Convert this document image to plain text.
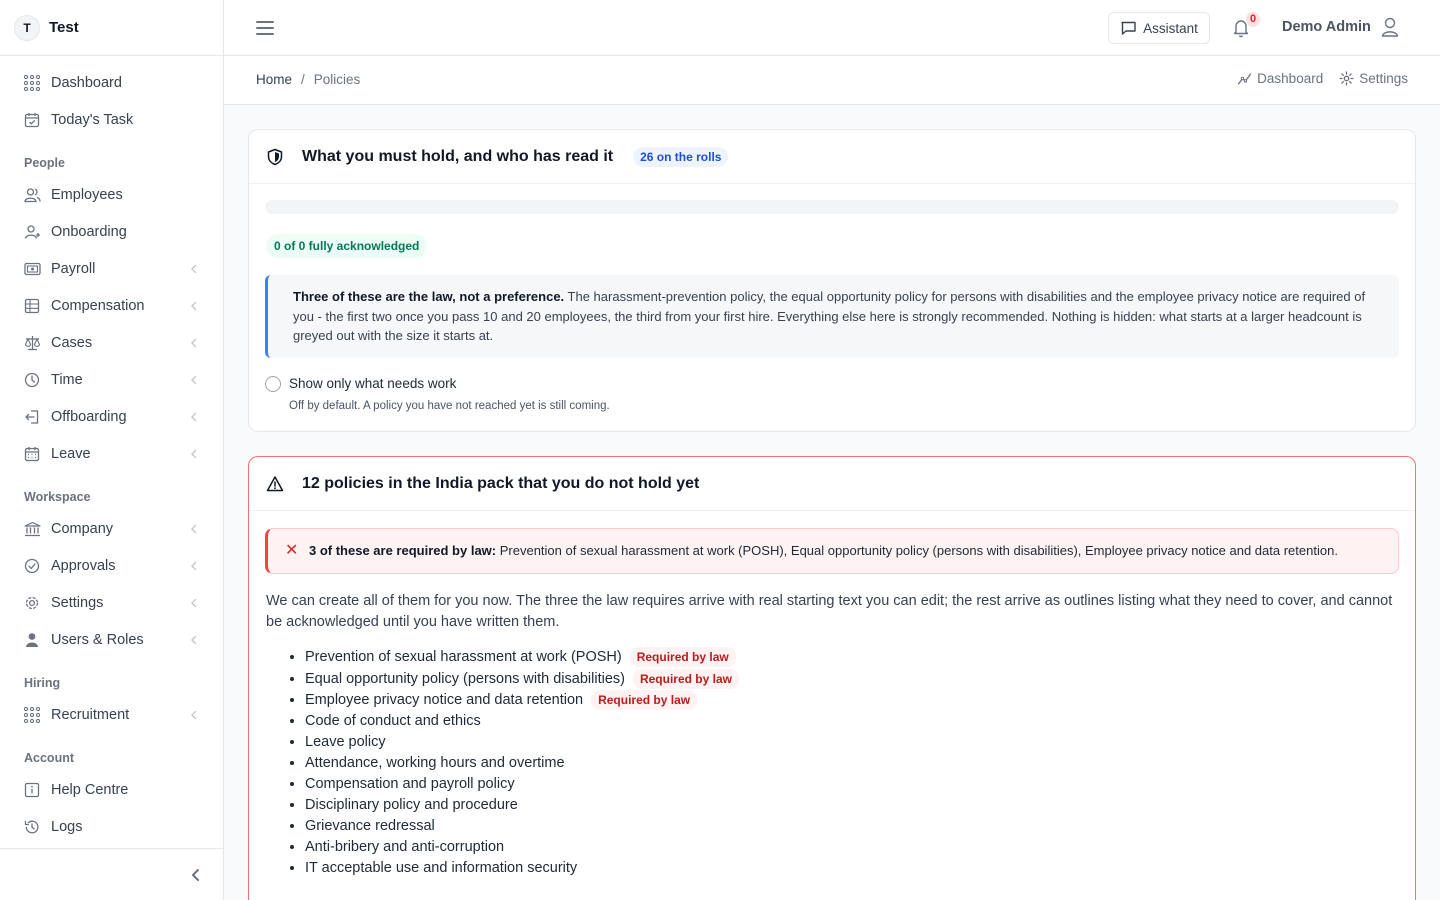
T	Test
Dashboard
Today's Task
People
Employees
Onboarding
Payroll
Compensation
Cases
Time
Offboarding
Leave
Workspace
Company
Approvals
Settings
Users & Roles
Hiring
Recruitment
Account
Help Centre
Logs
Assistant
0 Demo Admin
Home / Policies	Dashboard	Settings
What you must hold, and who has read it	26 on the rolls
0 of 0 fully acknowledged
Three of these are the law, not a preference. The harassment-prevention policy, the equal opportunity policy for persons with disabilities and the employee privacy notice are required of you - the first two once you pass 10 and 20 employees, the third from your first hire. Everything else here is strongly recommended. Nothing is hidden: what starts at a larger headcount is greyed out with the size it starts at.
Show only what needs work
Off by default. A policy you have not reached yet is still coming.
12 policies in the India pack that you do not hold yet
✕ 3 of these are required by law: Prevention of sexual harassment at work (POSH), Equal opportunity policy (persons with disabilities), Employee privacy notice and data retention.

We can create all of them for you now. The three the law requires arrive with real starting text you can edit; the rest arrive as outlines listing what they need to cover, and cannot be acknowledged until you have written them.

• Prevention of sexual harassment at work (POSH) Required by law
• Equal opportunity policy (persons with disabilities) Required by law
• Employee privacy notice and data retention Required by law
• Code of conduct and ethics
• Leave policy
• Attendance, working hours and overtime
• Compensation and payroll policy
• Disciplinary policy and procedure
• Grievance redressal
• Anti-bribery and anti-corruption
• IT acceptable use and information security
